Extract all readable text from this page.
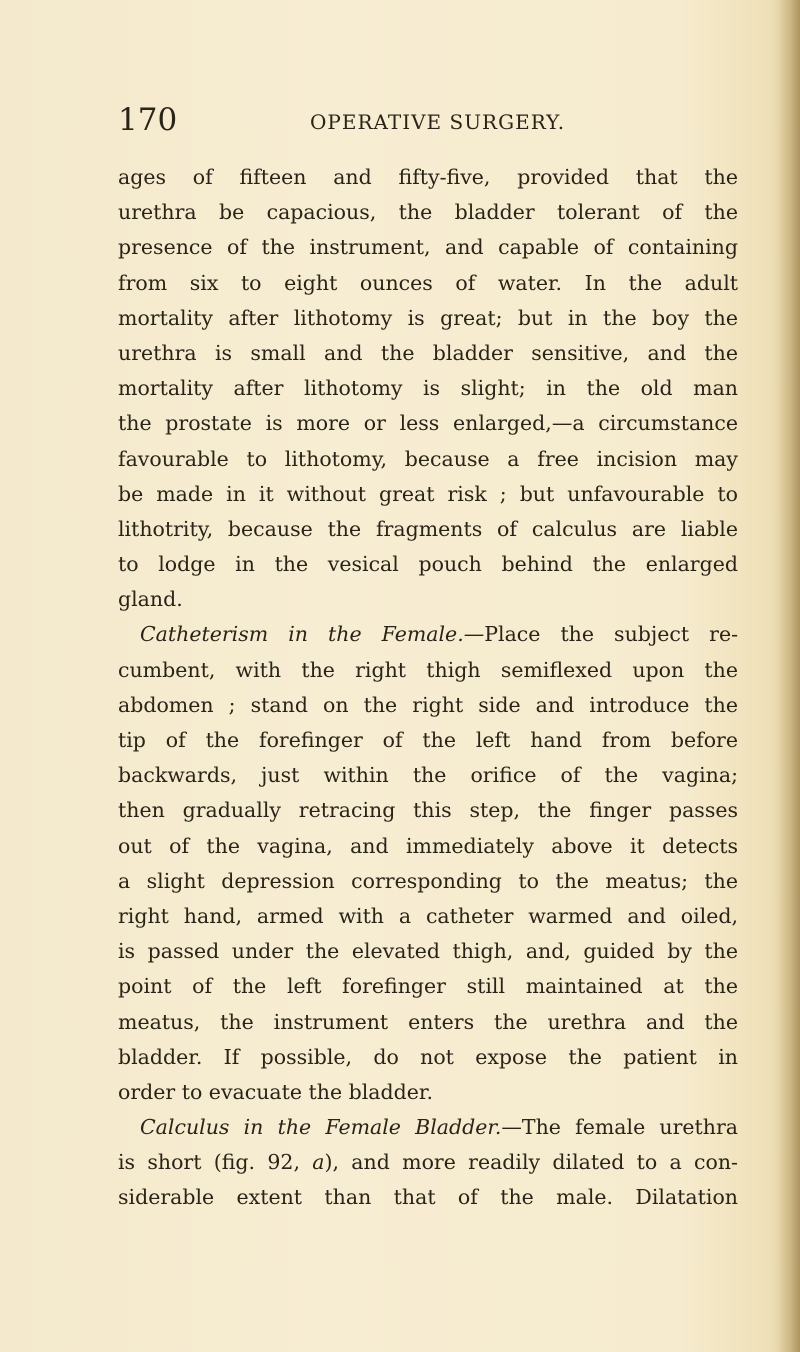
170	OPERATIVE SURGERY.
ages of fifteen and fifty-five, provided that the
urethra be capacious, the bladder tolerant of the
presence of the instrument, and capable of containing
from six to eight ounces of water. In the adult
mortality after lithotomy is great; but in the boy the
urethra is small and the bladder sensitive, and the
mortality after lithotomy is slight; in the old man
the prostate is more or less enlarged,—a circumstance
favourable to lithotomy, because a free incision may
be made in it without great risk ; but unfavourable to
lithotrity, because the fragments of calculus are liable
to lodge in the vesical pouch behind the enlarged
gland.
Catheterism in the Female.—Place the subject re-
cumbent, with the right thigh semiflexed upon the
abdomen ; stand on the right side and introduce the
tip of the forefinger of the left hand from before
backwards, just within the orifice of the vagina;
then gradually retracing this step, the finger passes
out of the vagina, and immediately above it detects
a slight depression corresponding to the meatus; the
right hand, armed with a catheter warmed and oiled,
is passed under the elevated thigh, and, guided by the
point of the left forefinger still maintained at the
meatus, the instrument enters the urethra and the
bladder. If possible, do not expose the patient in
order to evacuate the bladder.
Calculus in the Female Bladder.—The female urethra
is short (fig. 92, a), and more readily dilated to a con-
siderable extent than that of the male. Dilatation
